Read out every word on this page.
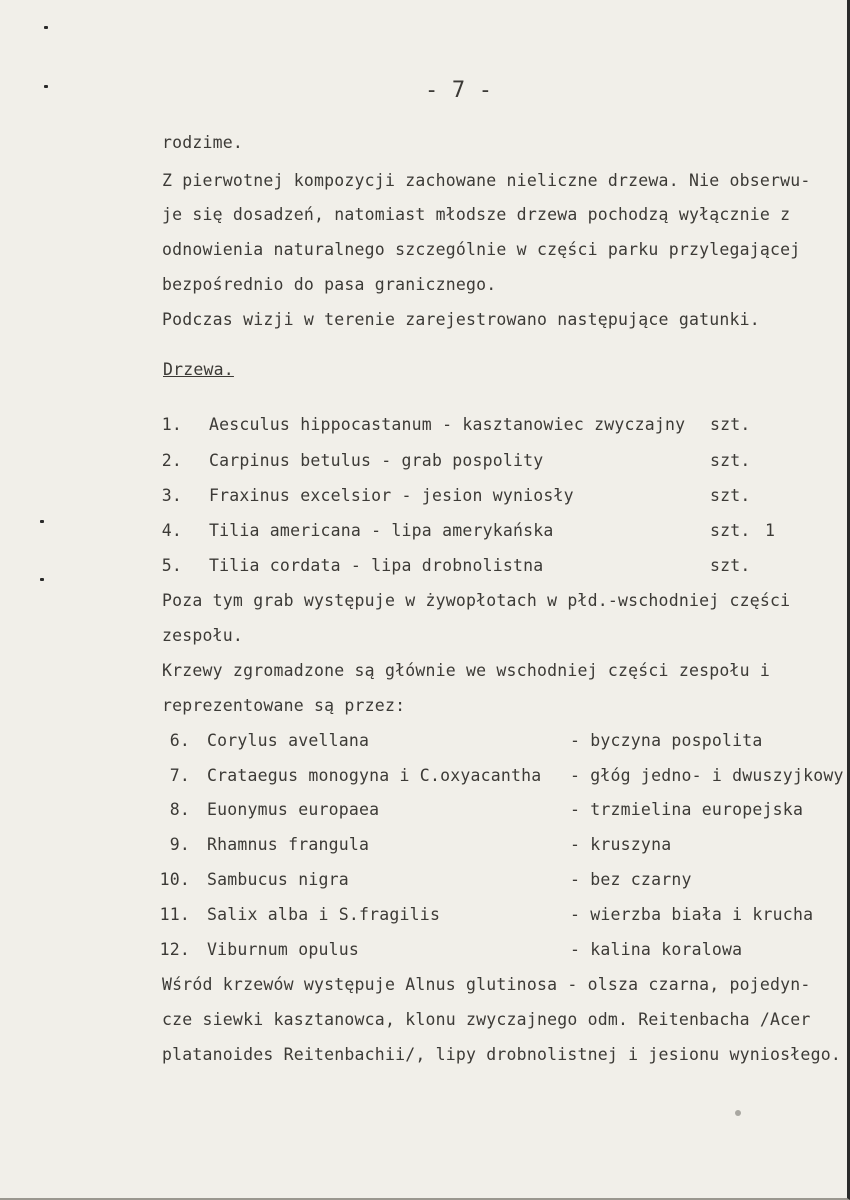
- 7 -
rodzime.
Z pierwotnej kompozycji zachowane nieliczne drzewa. Nie obserwu-
je się dosadzeń, natomiast młodsze drzewa pochodzą wyłącznie z
odnowienia naturalnego szczególnie w części parku przylegającej
bezpośrednio do pasa granicznego.
Podczas wizji w terenie zarejestrowano następujące gatunki.
Drzewa.
1. Aesculus hippocastanum - kasztanowiec zwyczajny szt.
2. Carpinus betulus - grab pospolity	szt.
3. Fraxinus excelsior - jesion wyniosły	szt.
4. Tilia americana - lipa amerykańska	szt. 1
5. Tilia cordata - lipa drobnolistna	szt.
Poza tym grab występuje w żywopłotach w płd.-wschodniej części
zespołu.
Krzewy zgromadzone są głównie we wschodniej części zespołu i
reprezentowane są przez:
6. Corylus avellana	- byczyna pospolita
7. Crataegus monogyna i C.oxyacantha - głóg jedno- i dwuszyjkowy
8. Euonymus europaea	- trzmielina europejska
9. Rhamnus frangula	- kruszyna
10. Sambucus nigra	- bez czarny
11. Salix alba i S.fragilis	- wierzba biała i krucha
12. Viburnum opulus	- kalina koralowa
Wśród krzewów występuje Alnus glutinosa - olsza czarna, pojedyn-
cze siewki kasztanowca, klonu zwyczajnego odm. Reitenbacha /Acer
platanoides Reitenbachii/, lipy drobnolistnej i jesionu wyniosłego.
